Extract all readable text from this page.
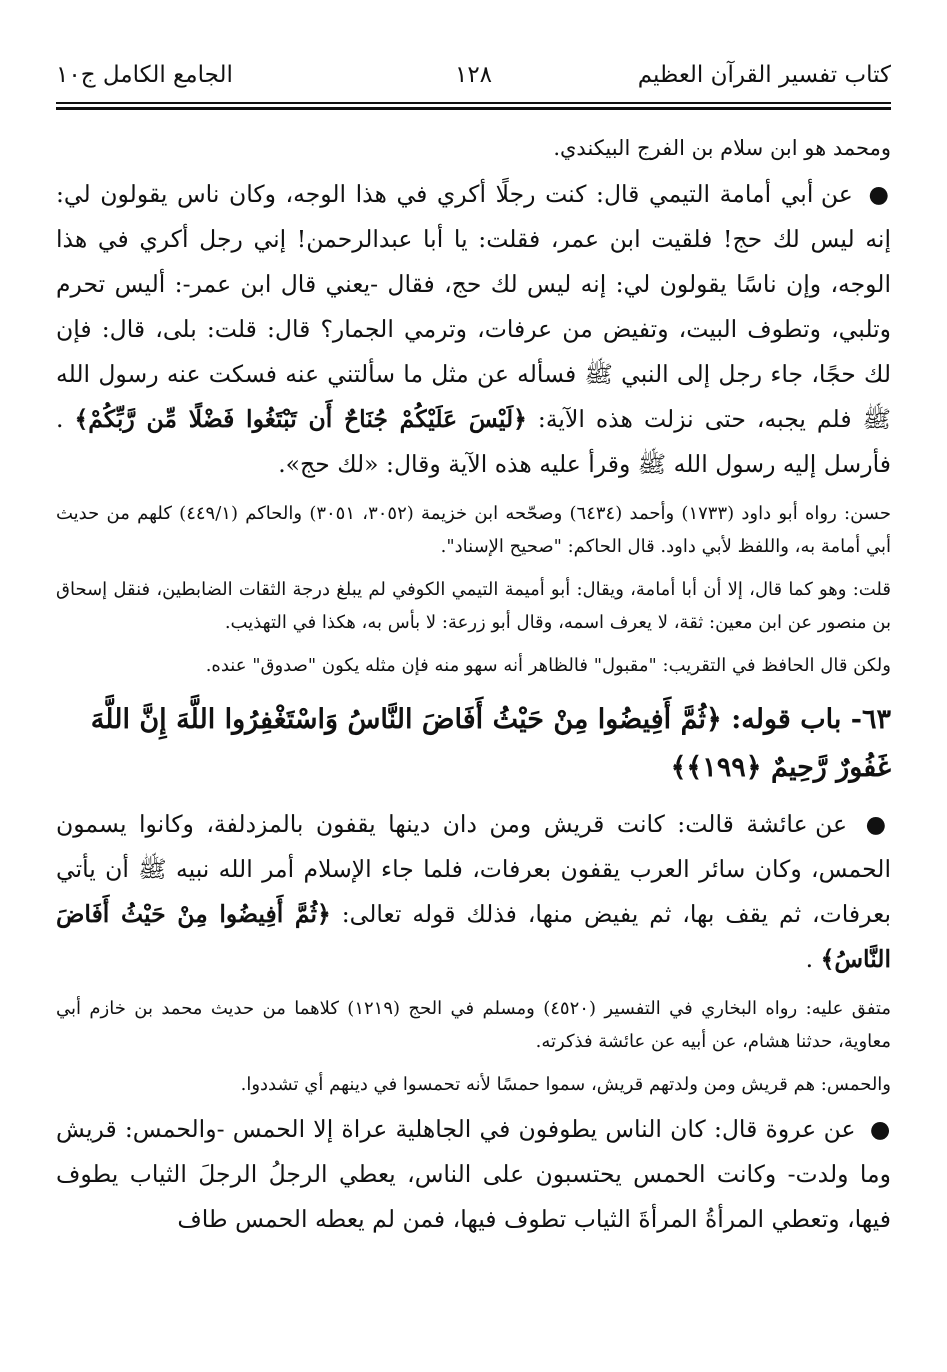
كتاب تفسير القرآن العظيم
١٢٨
الجامع الكامل ج١٠

ومحمد هو ابن سلام بن الفرج البيكندي.

● عن أبي أمامة التيمي قال: كنت رجلًا أكري في هذا الوجه، وكان ناس يقولون لي: إنه ليس لك حج! فلقيت ابن عمر، فقلت: يا أبا عبدالرحمن! إني رجل أكري في هذا الوجه، وإن ناسًا يقولون لي: إنه ليس لك حج، فقال -يعني قال ابن عمر-: أليس تحرم وتلبي، وتطوف البيت، وتفيض من عرفات، وترمي الجمار؟ قال: قلت: بلى، قال: فإن لك حجًا، جاء رجل إلى النبي ﷺ فسأله عن مثل ما سألتني عنه فسكت عنه رسول الله ﷺ فلم يجبه، حتى نزلت هذه الآية: ﴿لَيْسَ عَلَيْكُمْ جُنَاحٌ أَن تَبْتَغُوا فَضْلًا مِّن رَّبِّكُمْ﴾ . فأرسل إليه رسول الله ﷺ وقرأ عليه هذه الآية وقال: «لك حج».

حسن: رواه أبو داود (١٧٣٣) وأحمد (٦٤٣٤) وصحّحه ابن خزيمة (٣٠٥٢، ٣٠٥١) والحاكم (٤٤٩/١) كلهم من حديث أبي أمامة به، واللفظ لأبي داود. قال الحاكم: "صحيح الإسناد".

قلت: وهو كما قال، إلا أن أبا أمامة، ويقال: أبو أميمة التيمي الكوفي لم يبلغ درجة الثقات الضابطين، فنقل إسحاق بن منصور عن ابن معين: ثقة، لا يعرف اسمه، وقال أبو زرعة: لا بأس به، هكذا في التهذيب.

ولكن قال الحافظ في التقريب: "مقبول" فالظاهر أنه سهو منه فإن مثله يكون "صدوق" عنده.

٦٣- باب قوله: ﴿ثُمَّ أَفِيضُوا مِنْ حَيْثُ أَفَاضَ النَّاسُ وَاسْتَغْفِرُوا اللَّهَ إِنَّ اللَّهَ غَفُورٌ رَّحِيمٌ ﴿١٩٩﴾﴾

● عن عائشة قالت: كانت قريش ومن دان دينها يقفون بالمزدلفة، وكانوا يسمون الحمس، وكان سائر العرب يقفون بعرفات، فلما جاء الإسلام أمر الله نبيه ﷺ أن يأتي بعرفات، ثم يقف بها، ثم يفيض منها، فذلك قوله تعالى: ﴿ثُمَّ أَفِيضُوا مِنْ حَيْثُ أَفَاضَ النَّاسُ﴾ .

متفق عليه: رواه البخاري في التفسير (٤٥٢٠) ومسلم في الحج (١٢١٩) كلاهما من حديث محمد بن خازم أبي معاوية، حدثنا هشام، عن أبيه عن عائشة فذكرته.

والحمس: هم قريش ومن ولدتهم قريش، سموا حمسًا لأنه تحمسوا في دينهم أي تشددوا.

● عن عروة قال: كان الناس يطوفون في الجاهلية عراة إلا الحمس -والحمس: قريش وما ولدت- وكانت الحمس يحتسبون على الناس، يعطي الرجلُ الرجلَ الثياب يطوف فيها، وتعطي المرأةُ المرأةَ الثياب تطوف فيها، فمن لم يعطه الحمس طاف
